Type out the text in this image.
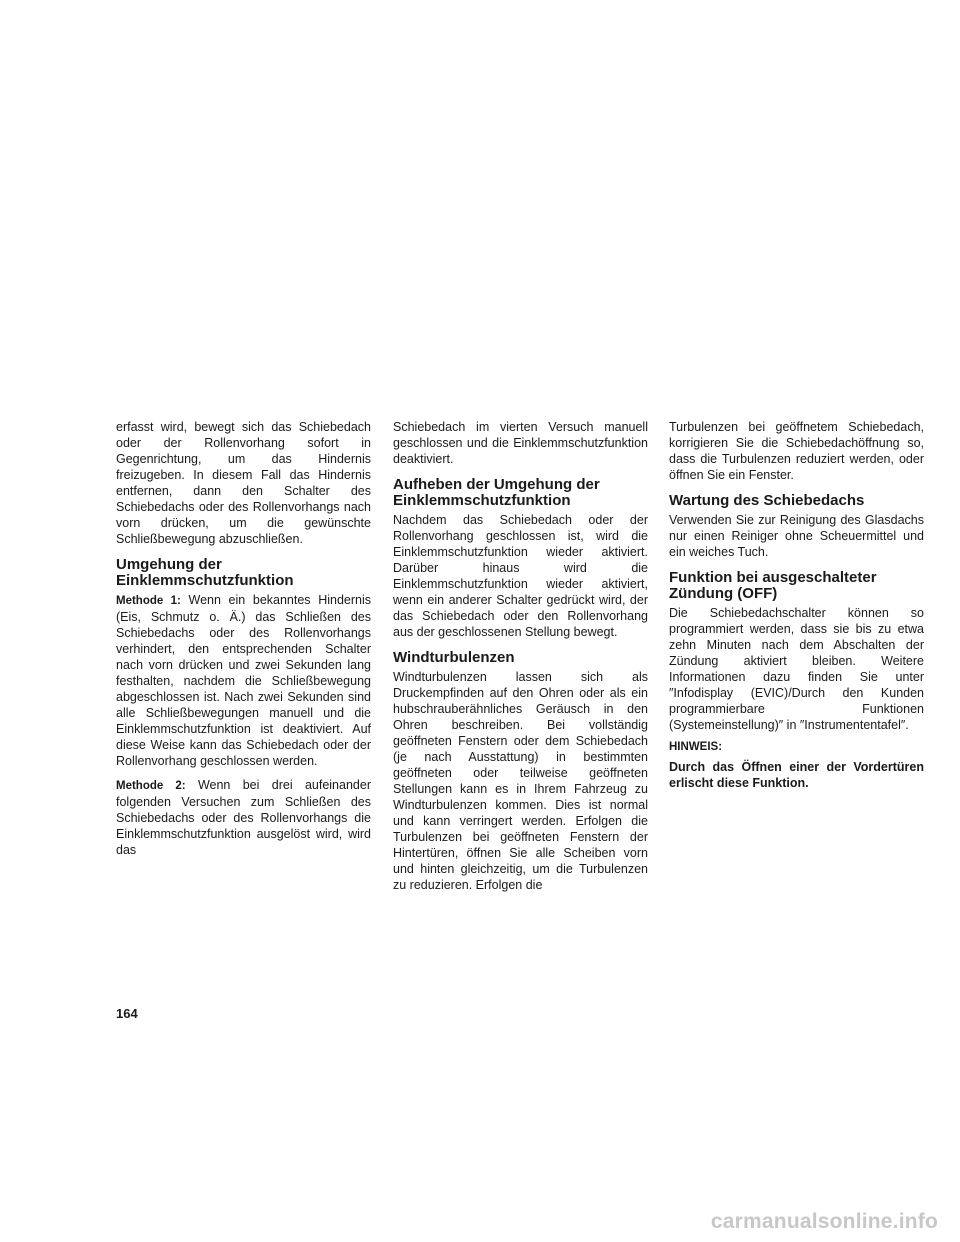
erfasst wird, bewegt sich das Schiebedach oder der Rollenvorhang sofort in Gegenrichtung, um das Hindernis freizugeben. In diesem Fall das Hindernis entfernen, dann den Schalter des Schiebedachs oder des Rollenvorhangs nach vorn drücken, um die gewünschte Schließbewegung abzuschließen.

Umgehung der Einklemmschutzfunktion

Methode 1: Wenn ein bekanntes Hindernis (Eis, Schmutz o. Ä.) das Schließen des Schiebedachs oder des Rollenvorhangs verhindert, den entsprechenden Schalter nach vorn drücken und zwei Sekunden lang festhalten, nachdem die Schließbewegung abgeschlossen ist. Nach zwei Sekunden sind alle Schließbewegungen manuell und die Einklemmschutzfunktion ist deaktiviert. Auf diese Weise kann das Schiebedach oder der Rollenvorhang geschlossen werden.

Methode 2: Wenn bei drei aufeinander folgenden Versuchen zum Schließen des Schiebedachs oder des Rollenvorhangs die Einklemmschutzfunktion ausgelöst wird, wird das

Schiebedach im vierten Versuch manuell geschlossen und die Einklemmschutzfunktion deaktiviert.

Aufheben der Umgehung der Einklemmschutzfunktion

Nachdem das Schiebedach oder der Rollenvorhang geschlossen ist, wird die Einklemmschutzfunktion wieder aktiviert. Darüber hinaus wird die Einklemmschutzfunktion wieder aktiviert, wenn ein anderer Schalter gedrückt wird, der das Schiebedach oder den Rollenvorhang aus der geschlossenen Stellung bewegt.

Windturbulenzen

Windturbulenzen lassen sich als Druckempfinden auf den Ohren oder als ein hubschrauberähnliches Geräusch in den Ohren beschreiben. Bei vollständig geöffneten Fenstern oder dem Schiebedach (je nach Ausstattung) in bestimmten geöffneten oder teilweise geöffneten Stellungen kann es in Ihrem Fahrzeug zu Windturbulenzen kommen. Dies ist normal und kann verringert werden. Erfolgen die Turbulenzen bei geöffneten Fenstern der Hintertüren, öffnen Sie alle Scheiben vorn und hinten gleichzeitig, um die Turbulenzen zu reduzieren. Erfolgen die

Turbulenzen bei geöffnetem Schiebedach, korrigieren Sie die Schiebedachöffnung so, dass die Turbulenzen reduziert werden, oder öffnen Sie ein Fenster.

Wartung des Schiebedachs

Verwenden Sie zur Reinigung des Glasdachs nur einen Reiniger ohne Scheuermittel und ein weiches Tuch.

Funktion bei ausgeschalteter Zündung (OFF)

Die Schiebedachschalter können so programmiert werden, dass sie bis zu etwa zehn Minuten nach dem Abschalten der Zündung aktiviert bleiben. Weitere Informationen dazu finden Sie unter ″Infodisplay (EVIC)/Durch den Kunden programmierbare Funktionen (Systemeinstellung)″ in ″Instrumententafel″.

HINWEIS:

Durch das Öffnen einer der Vordertüren erlischt diese Funktion.

164

carmanualsonline.info
